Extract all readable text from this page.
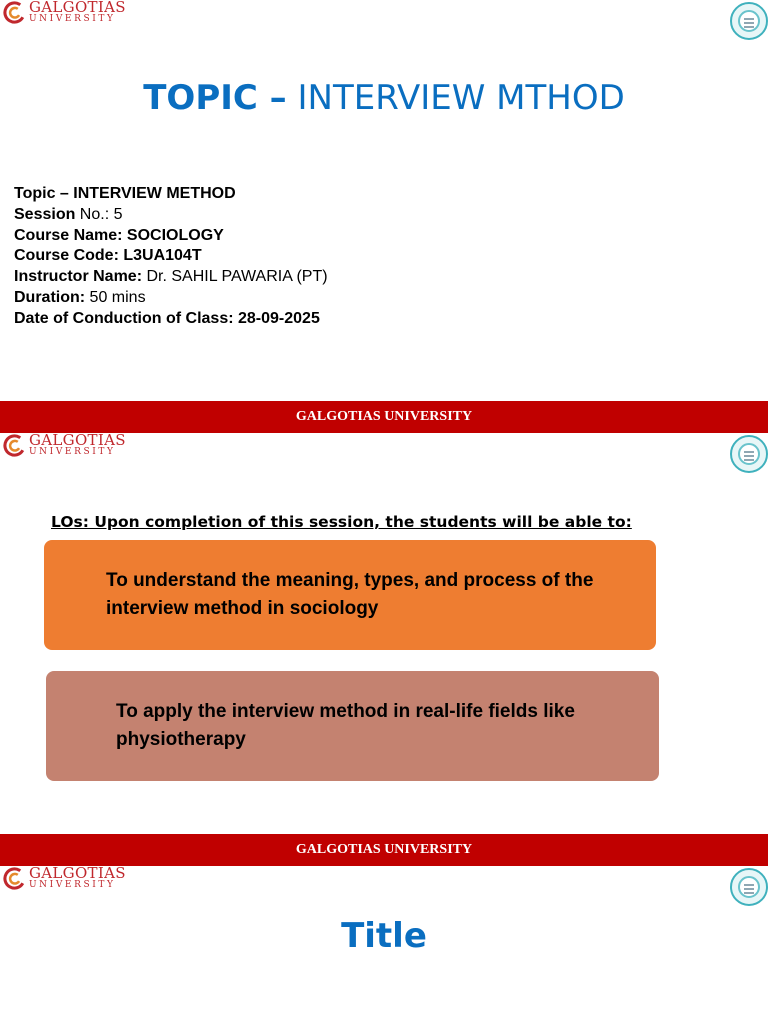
GALGOTIAS
UNIVERSITY
TOPIC – INTERVIEW MTHOD
Topic – INTERVIEW METHOD
Session No.: 5
Course Name: SOCIOLOGY
Course Code: L3UA104T
Instructor Name: Dr. SAHIL PAWARIA (PT)
Duration: 50 mins
Date of Conduction of Class: 28-09-2025
GALGOTIAS UNIVERSITY
GALGOTIAS
UNIVERSITY
LOs: Upon completion of this session, the students will be able to:
To understand the meaning, types, and process of the interview method in sociology
To apply the interview method in real-life fields like physiotherapy
GALGOTIAS UNIVERSITY
GALGOTIAS
UNIVERSITY
Title
